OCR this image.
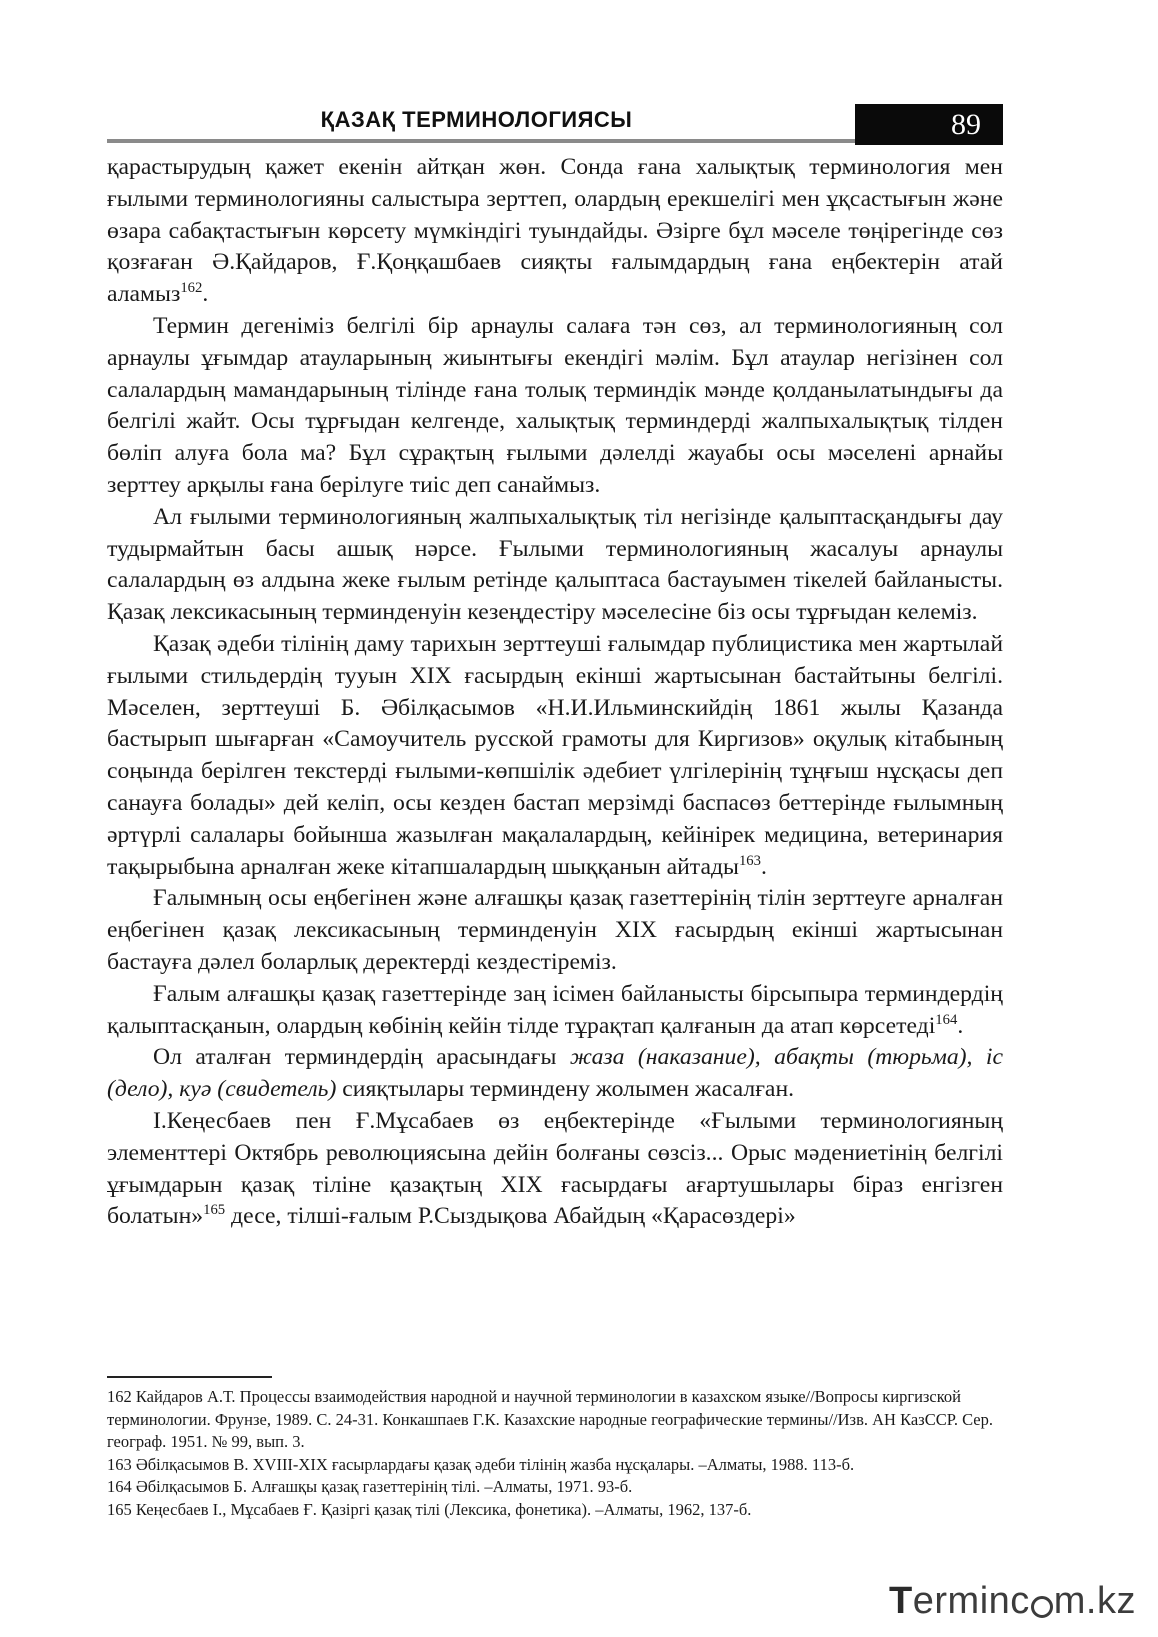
ҚАЗАҚ ТЕРМИНОЛОГИЯСЫ	89

қарастырудың қажет екенін айтқан жөн. Сонда ғана халықтық терминология мен ғылыми терминологияны салыстыра зерттеп, олардың ерекшелігі мен ұқсастығын және өзара сабақтастығын көрсету мүмкіндігі туындайды. Әзірге бұл мәселе төңірегінде сөз қозғаған Ә.Қайдаров, Ғ.Қоңқашбаев сияқты ғалымдардың ғана еңбектерін атай аламыз$^{162}$.

Термин дегеніміз белгілі бір арнаулы салаға тән сөз, ал терминологияның сол арнаулы ұғымдар атауларының жиынтығы екендігі мәлім. Бұл атаулар негізінен сол салалардың мамандарының тілінде ғана толық терминдік мәнде қолданылатындығы да белгілі жайт. Осы тұрғыдан келгенде, халықтық терминдерді жалпыхалықтық тілден бөліп алуға бола ма? Бұл сұрақтың ғылыми дәлелді жауабы осы мәселені арнайы зерттеу арқылы ғана берілуге тиіс деп санаймыз.

Ал ғылыми терминологияның жалпыхалықтық тіл негізінде қалыптасқандығы дау тудырмайтын басы ашық нәрсе. Ғылыми терминологияның жасалуы арнаулы салалардың өз алдына жеке ғылым ретінде қалыптаса бастауымен тікелей байланысты. Қазақ лексикасының терминденуін кезеңдестіру мәселесіне біз осы тұрғыдан келеміз.

Қазақ әдеби тілінің даму тарихын зерттеуші ғалымдар публицистика мен жартылай ғылыми стильдердің тууын XIX ғасырдың екінші жартысынан бастайтыны белгілі. Мәселен, зерттеуші Б. Әбілқасымов «Н.И.Ильминскийдің 1861 жылы Қазанда бастырып шығарған «Самоучитель русской грамоты для Киргизов» оқулық кітабының соңында берілген текстерді ғылыми-көпшілік әдебиет үлгілерінің тұңғыш нұсқасы деп санауға болады» дей келіп, осы кезден бастап мерзімді баспасөз беттерінде ғылымның әртүрлі салалары бойынша жазылған мақалалардың, кейінірек медицина, ветеринария тақырыбына арналған жеке кітапшалардың шыққанын айтады$^{163}$.

Ғалымның осы еңбегінен және алғашқы қазақ газеттерінің тілін зерттеуге арналған еңбегінен қазақ лексикасының терминденуін XIX ғасырдың екінші жартысынан бастауға дәлел боларлық деректерді кездестіреміз.

Ғалым алғашқы қазақ газеттерінде заң ісімен байланысты бірсыпыра терминдердің қалыптасқанын, олардың көбінің кейін тілде тұрақтап қалғанын да атап көрсетеді$^{164}$.

Ол аталған терминдердің арасындағы жаза (наказание), абақты (тюрьма), іс (дело), куә (свидетель) сияқтылары терминдену жолымен жасалған.

І.Кеңесбаев пен Ғ.Мұсабаев өз еңбектерінде «Ғылыми терминологияның элементтері Октябрь революциясына дейін болғаны сөзсіз... Орыс мәдениетінің белгілі ұғымдарын қазақ тіліне қазақтың XIX ғасырдағы ағартушылары біраз енгізген болатын»$^{165}$ десе, тілші-ғалым Р.Сыздықова Абайдың «Қарасөздері»

162 Кайдаров А.Т. Процессы взаимодействия народной и научной терминологии в казахском языке//Вопросы киргизской терминологии. Фрунзе, 1989. С. 24-31. Конкашпаев Г.К. Казахские народные географические термины//Изв. АН КазССР. Сер. географ. 1951. № 99, вып. 3.
163 Әбілқасымов В. XVIII-XIX ғасырлардағы қазақ әдеби тілінің жазба нұсқалары. –Алматы, 1988. 113-б.
164 Әбілқасымов Б. Алғашқы қазақ газеттерінің тілі. –Алматы, 1971. 93-б.
165 Кеңесбаев І., Мұсабаев Ғ. Қазіргі қазақ тілі (Лексика, фонетика). –Алматы, 1962, 137-б.
T erminc m.kz
